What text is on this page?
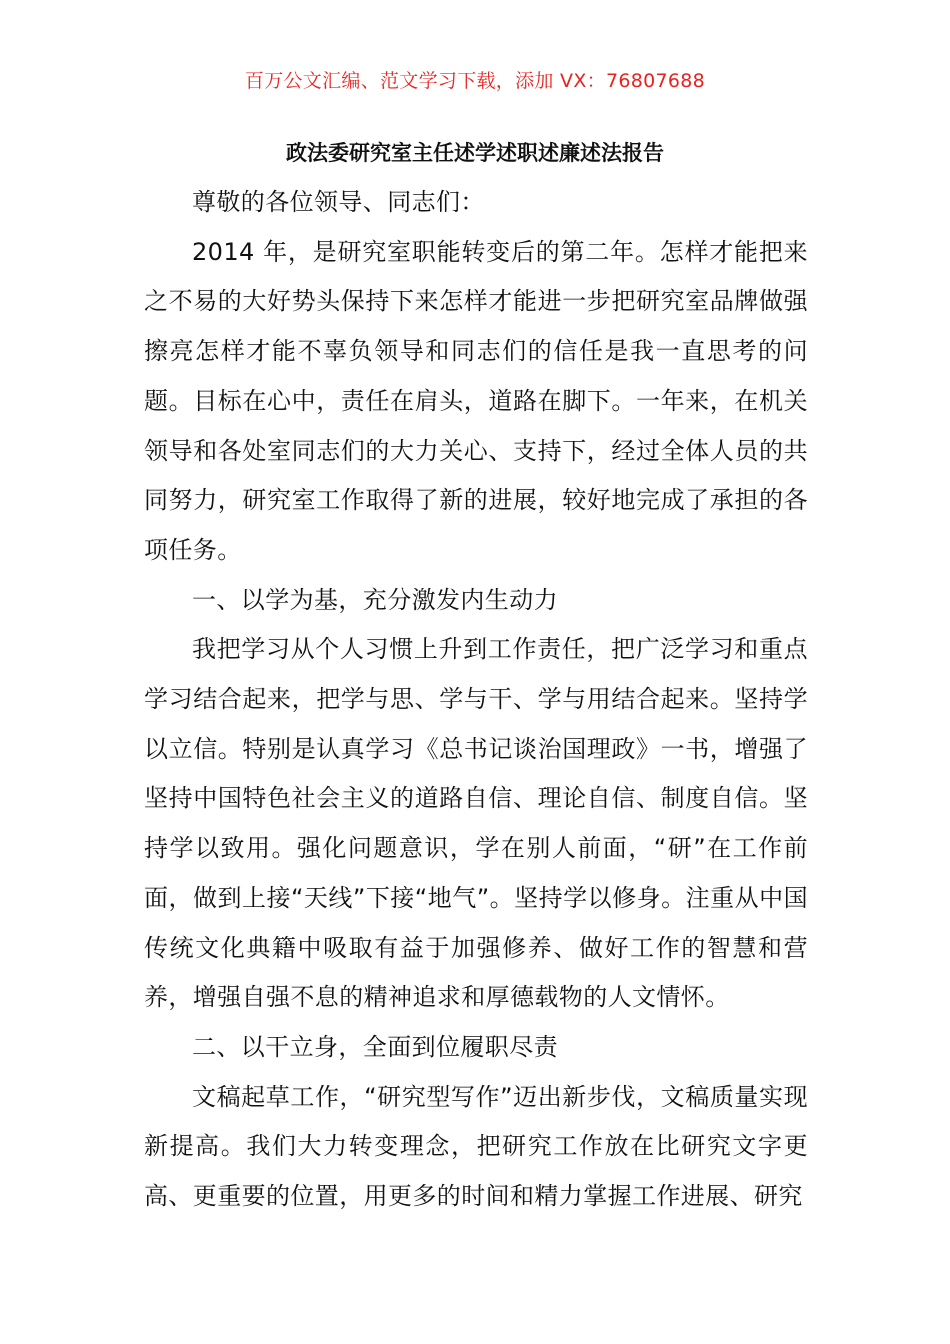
百万公文汇编、范文学习下载，添加 VX：76807688
政法委研究室主任述学述职述廉述法报告

尊敬的各位领导、同志们：

2014 年，是研究室职能转变后的第二年。怎样才能把来之不易的大好势头保持下来怎样才能进一步把研究室品牌做强擦亮怎样才能不辜负领导和同志们的信任是我一直思考的问题。目标在心中，责任在肩头，道路在脚下。一年来，在机关领导和各处室同志们的大力关心、支持下，经过全体人员的共同努力，研究室工作取得了新的进展，较好地完成了承担的各项任务。

一、以学为基，充分激发内生动力

我把学习从个人习惯上升到工作责任，把广泛学习和重点学习结合起来，把学与思、学与干、学与用结合起来。坚持学以立信。特别是认真学习《总书记谈治国理政》一书，增强了坚持中国特色社会主义的道路自信、理论自信、制度自信。坚持学以致用。强化问题意识，学在别人前面，“研”在工作前面，做到上接“天线”下接“地气”。坚持学以修身。注重从中国传统文化典籍中吸取有益于加强修养、做好工作的智慧和营养，增强自强不息的精神追求和厚德载物的人文情怀。

二、以干立身，全面到位履职尽责

文稿起草工作，“研究型写作”迈出新步伐，文稿质量实现新提高。我们大力转变理念，把研究工作放在比研究文字更高、更重要的位置，用更多的时间和精力掌握工作进展、研究
